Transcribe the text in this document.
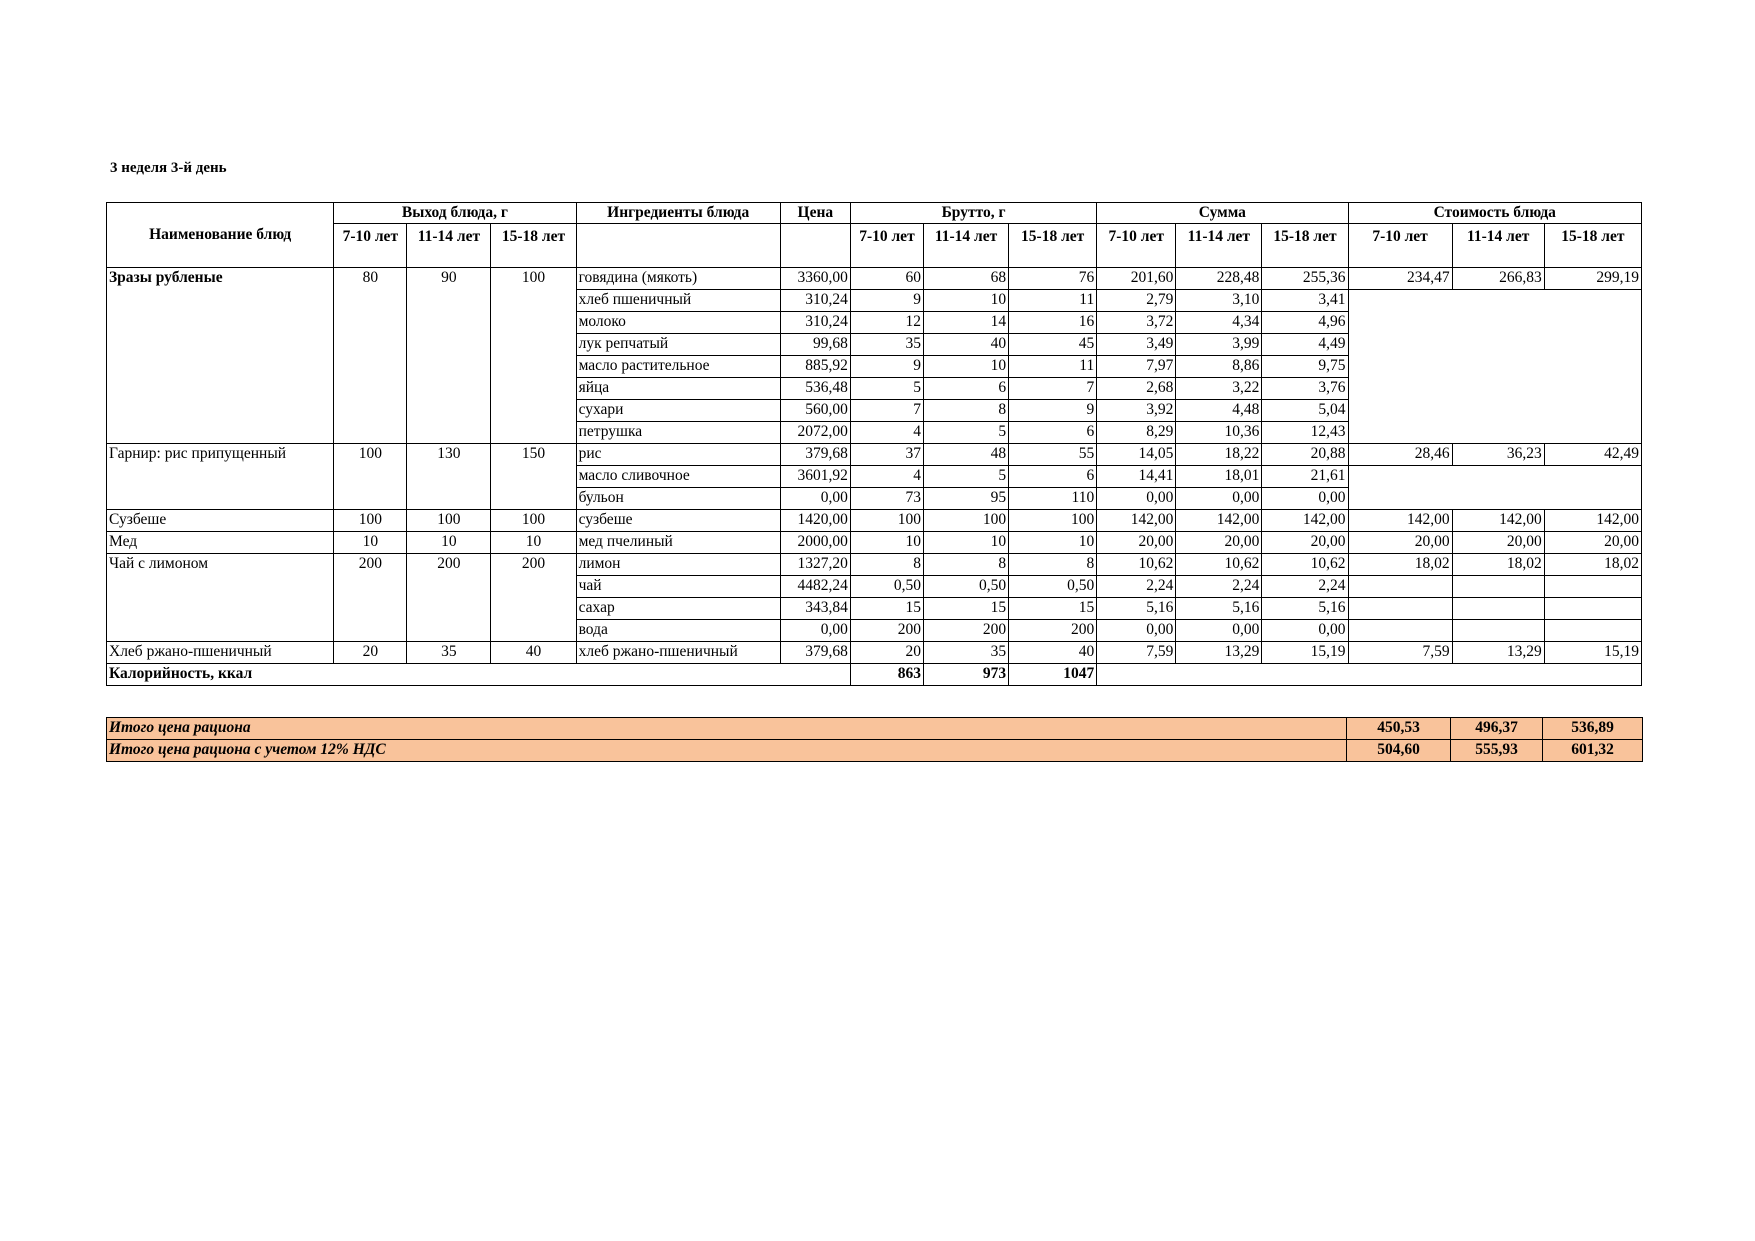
3 неделя 3-й день
Наименование блюд	Выход блюда, г			Ингредиенты блюда	Цена	Брутто, г			Сумма			Стоимость блюда		
	7-10 лет	11-14 лет	15-18 лет			7-10 лет	11-14 лет	15-18 лет	7-10 лет	11-14 лет	15-18 лет	7-10 лет	11-14 лет	15-18 лет
Зразы рубленые	80	90	100	говядина (мякоть)	3360,00	60	68	76	201,60	228,48	255,36	234,47	266,83	299,19
				хлеб пшеничный	310,24	9	10	11	2,79	3,10	3,41			
				молоко	310,24	12	14	16	3,72	4,34	4,96			
				лук репчатый	99,68	35	40	45	3,49	3,99	4,49			
				масло растительное	885,92	9	10	11	7,97	8,86	9,75			
				яйца	536,48	5	6	7	2,68	3,22	3,76			
				сухари	560,00	7	8	9	3,92	4,48	5,04			
				петрушка	2072,00	4	5	6	8,29	10,36	12,43			
Гарнир: рис припущенный	100	130	150	рис	379,68	37	48	55	14,05	18,22	20,88	28,46	36,23	42,49
				масло сливочное	3601,92	4	5	6	14,41	18,01	21,61			
				бульон	0,00	73	95	110	0,00	0,00	0,00			
Сузбеше	100	100	100	сузбеше	1420,00	100	100	100	142,00	142,00	142,00	142,00	142,00	142,00
Мед	10	10	10	мед пчелиный	2000,00	10	10	10	20,00	20,00	20,00	20,00	20,00	20,00
Чай с лимоном	200	200	200	лимон	1327,20	8	8	8	10,62	10,62	10,62	18,02	18,02	18,02
				чай	4482,24	0,50	0,50	0,50	2,24	2,24	2,24			
				сахар	343,84	15	15	15	5,16	5,16	5,16			
				вода	0,00	200	200	200	0,00	0,00	0,00			
Хлеб ржано-пшеничный	20	35	40	хлеб ржано-пшеничный	379,68	20	35	40	7,59	13,29	15,19	7,59	13,29	15,19
Калорийность, ккал						863	973	1047						
Итого цена рациона	450,53	496,37	536,89
Итого цена рациона с учетом 12% НДС	504,60	555,93	601,32
